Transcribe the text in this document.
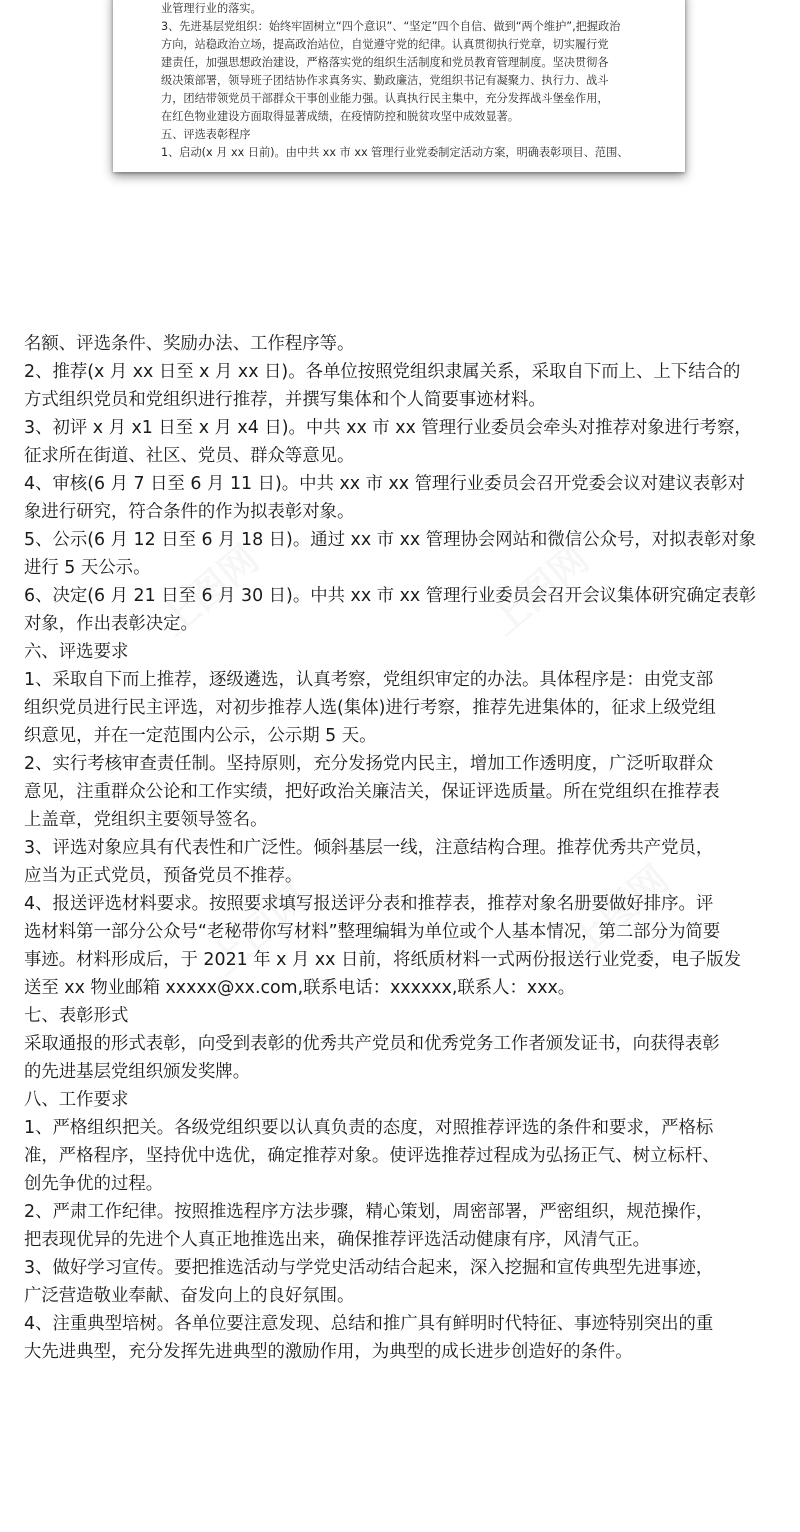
业管理行业的落实。
3、先进基层党组织：始终牢固树立“四个意识”、“坚定”四个自信、做到“两个维护”,把握政治
方向，站稳政治立场，提高政治站位，自觉遵守党的纪律。认真贯彻执行党章，切实履行党
建责任，加强思想政治建设，严格落实党的组织生活制度和党员教育管理制度。坚决贯彻各
级决策部署，领导班子团结协作求真务实、勤政廉洁，党组织书记有凝聚力、执行力、战斗
力，团结带领党员干部群众干事创业能力强。认真执行民主集中，充分发挥战斗堡垒作用，
在红色物业建设方面取得显著成绩，在疫情防控和脱贫攻坚中成效显著。
五、评选表彰程序
1、启动(x 月 xx 日前)。由中共 xx 市 xx 管理行业党委制定活动方案，明确表彰项目、范围、
名额、评选条件、奖励办法、工作程序等。
2、推荐(x 月 xx 日至 x 月 xx 日)。各单位按照党组织隶属关系，采取自下而上、上下结合的
方式组织党员和党组织进行推荐，并撰写集体和个人简要事迹材料。
3、初评 x 月 x1 日至 x 月 x4 日)。中共 xx 市 xx 管理行业委员会牵头对推荐对象进行考察，
征求所在街道、社区、党员、群众等意见。
4、审核(6 月 7 日至 6 月 11 日)。中共 xx 市 xx 管理行业委员会召开党委会议对建议表彰对
象进行研究，符合条件的作为拟表彰对象。
5、公示(6 月 12 日至 6 月 18 日)。通过 xx 市 xx 管理协会网站和微信公众号，对拟表彰对象
进行 5 天公示。
6、决定(6 月 21 日至 6 月 30 日)。中共 xx 市 xx 管理行业委员会召开会议集体研究确定表彰
对象，作出表彰决定。
六、评选要求
1、采取自下而上推荐，逐级遴选，认真考察，党组织审定的办法。具体程序是：由党支部
组织党员进行民主评选，对初步推荐人选(集体)进行考察，推荐先进集体的，征求上级党组
织意见，并在一定范围内公示，公示期 5 天。
2、实行考核审查责任制。坚持原则，充分发扬党内民主，增加工作透明度，广泛听取群众
意见，注重群众公论和工作实绩，把好政治关廉洁关，保证评选质量。所在党组织在推荐表
上盖章，党组织主要领导签名。
3、评选对象应具有代表性和广泛性。倾斜基层一线，注意结构合理。推荐优秀共产党员，
应当为正式党员，预备党员不推荐。
4、报送评选材料要求。按照要求填写报送评分表和推荐表，推荐对象名册要做好排序。评
选材料第一部分公众号“老秘带你写材料”整理编辑为单位或个人基本情况，第二部分为简要
事迹。材料形成后，于 2021 年 x 月 xx 日前，将纸质材料一式两份报送行业党委，电子版发
送至 xx 物业邮箱 xxxxx@xx.com,联系电话：xxxxxx,联系人：xxx。
七、表彰形式
采取通报的形式表彰，向受到表彰的优秀共产党员和优秀党务工作者颁发证书，向获得表彰
的先进基层党组织颁发奖牌。
八、工作要求
1、严格组织把关。各级党组织要以认真负责的态度，对照推荐评选的条件和要求，严格标
准，严格程序，坚持优中选优，确定推荐对象。使评选推荐过程成为弘扬正气、树立标杆、
创先争优的过程。
2、严肃工作纪律。按照推选程序方法步骤，精心策划，周密部署，严密组织，规范操作，
把表现优异的先进个人真正地推选出来，确保推荐评选活动健康有序，风清气正。
3、做好学习宣传。要把推选活动与学党史活动结合起来，深入挖掘和宣传典型先进事迹，
广泛营造敬业奉献、奋发向上的良好氛围。
4、注重典型培树。各单位要注意发现、总结和推广具有鲜明时代特征、事迹特别突出的重
大先进典型，充分发挥先进典型的激励作用，为典型的成长进步创造好的条件。
